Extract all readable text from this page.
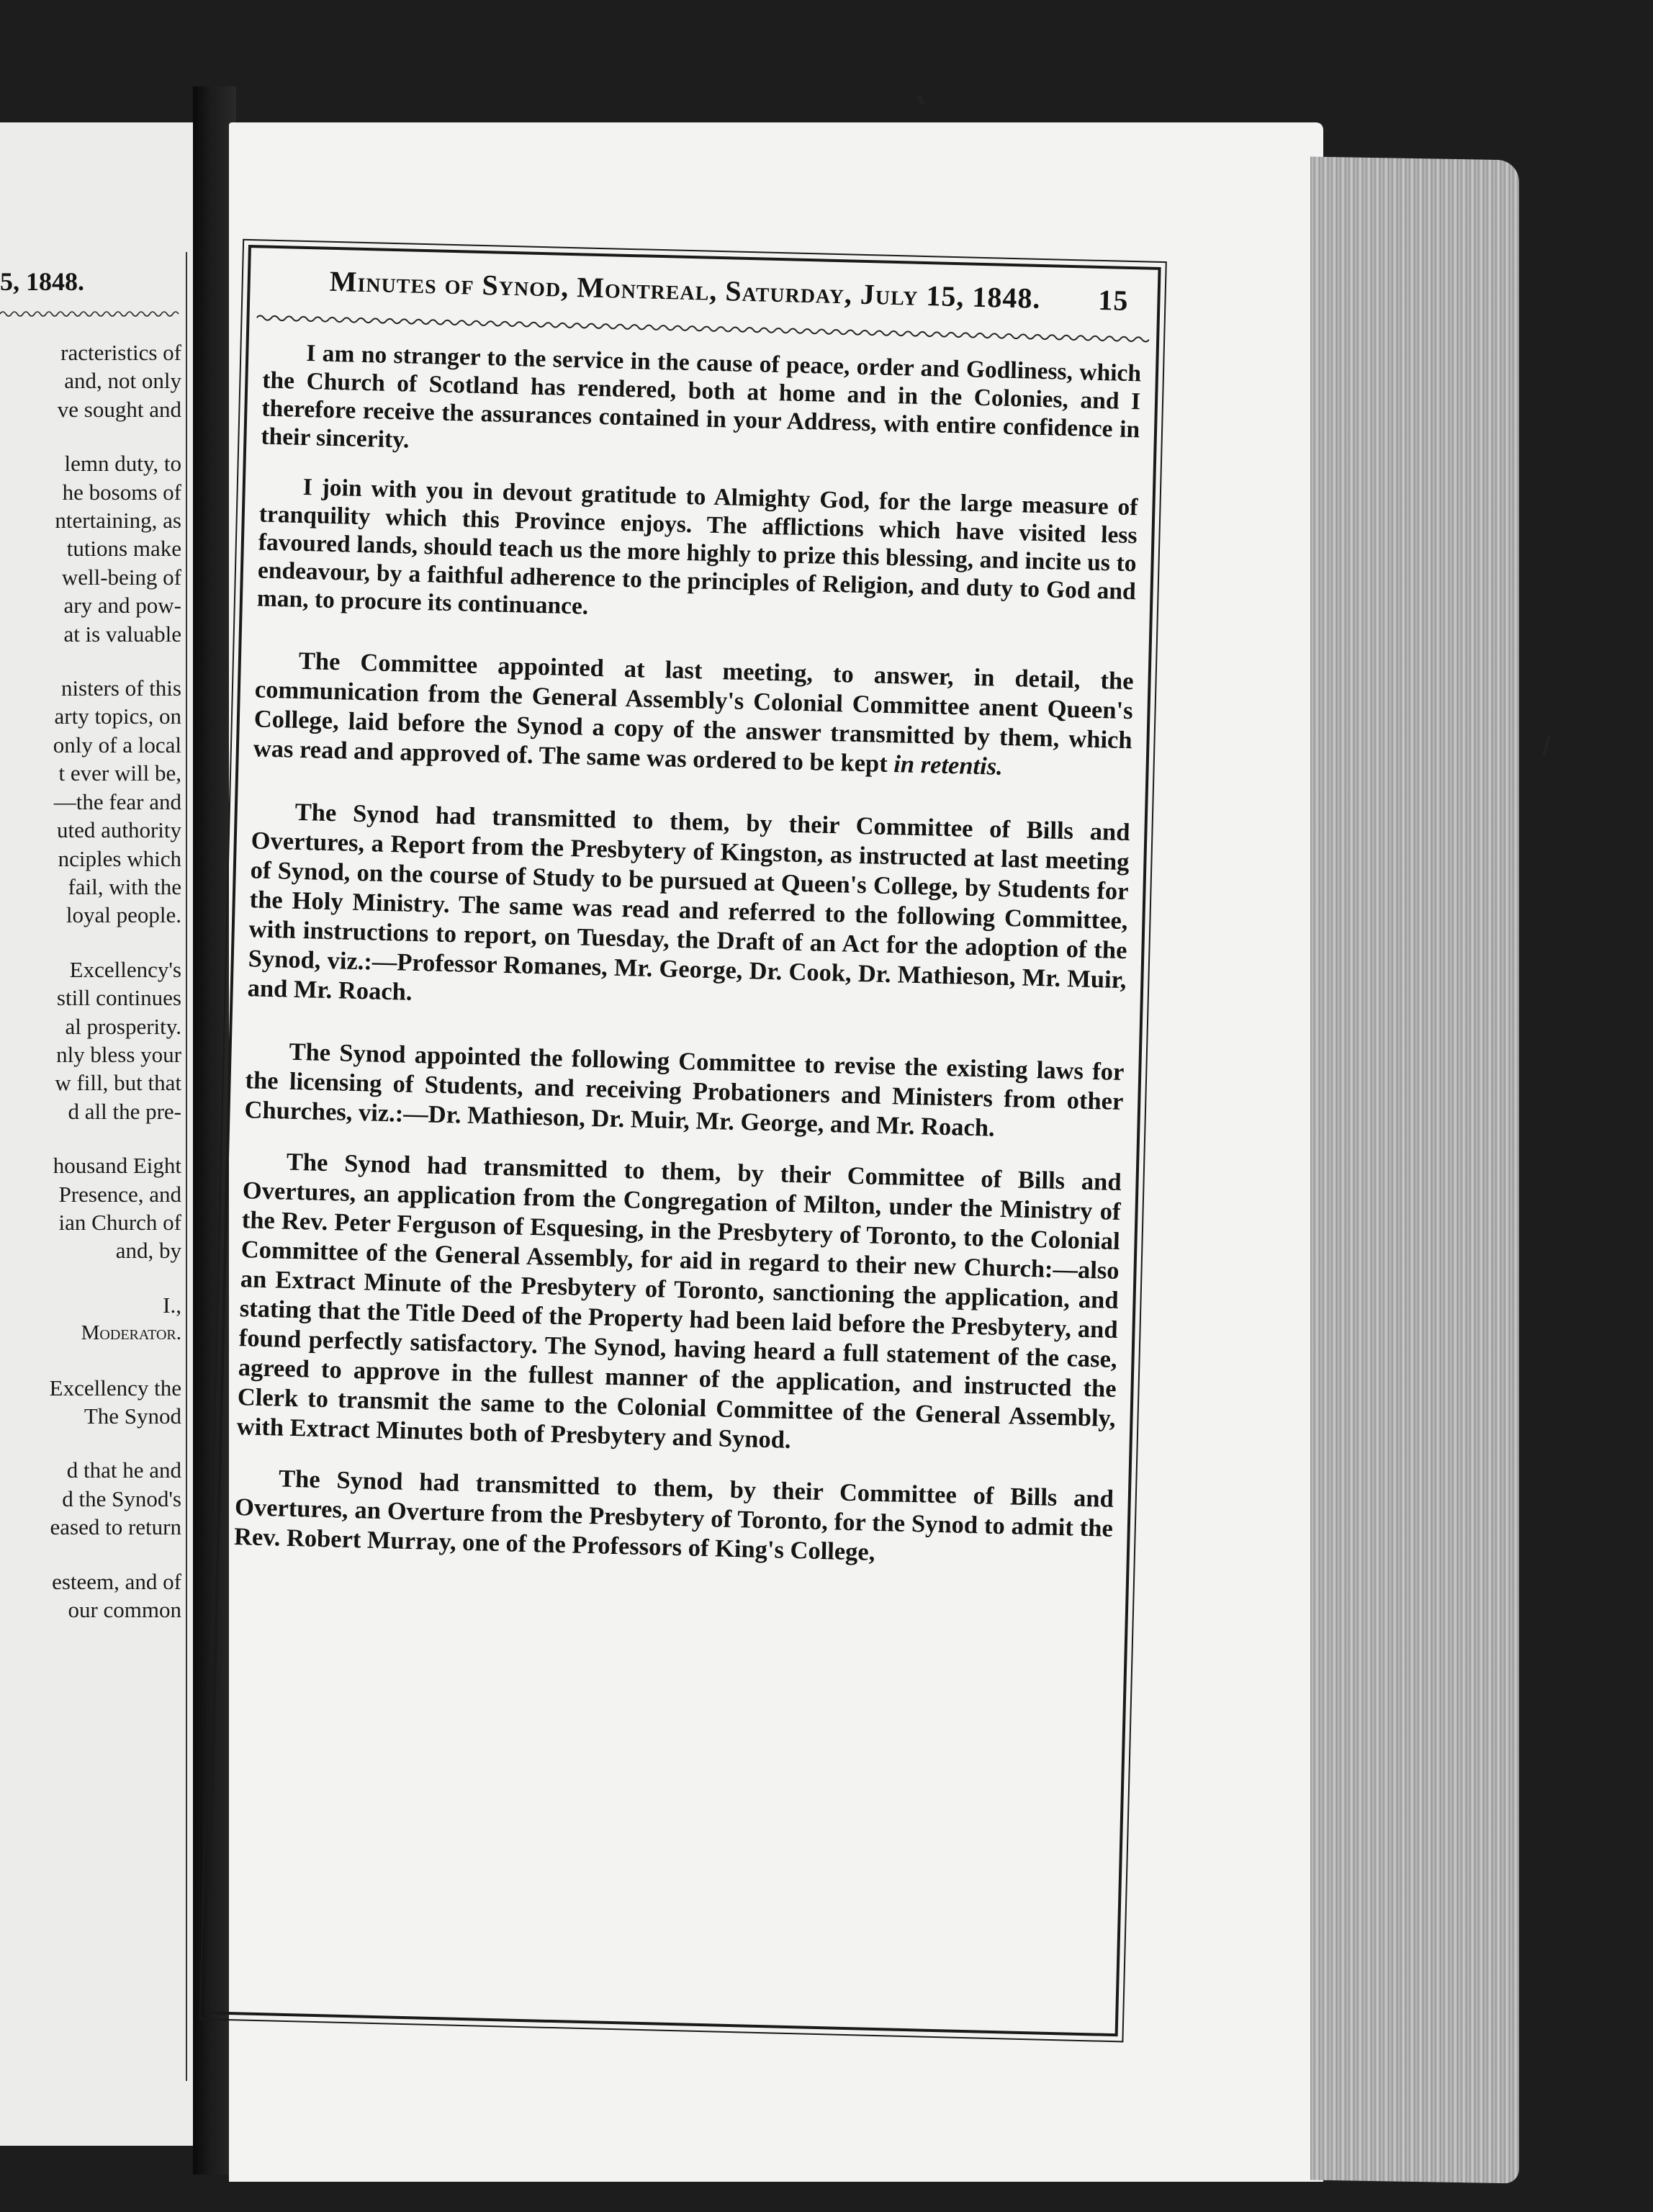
5, 1848.
racteristics of
and, not only
ve sought and
lemn duty, to
he bosoms of
ntertaining, as
tutions make
well-being of
ary and pow-
at is valuable
nisters of this
arty topics, on
only of a local
t ever will be,
—the fear and
uted authority
nciples which
fail, with the
loyal people.
Excellency's
still continues
al prosperity.
nly bless your
w fill, but that
d all the pre-
housand Eight
Presence, and
ian Church of
and, by
I.,
Moderator.
Excellency the
The Synod
d that he and
d the Synod's
eased to return
esteem, and of
our common
Minutes of Synod, Montreal, Saturday, July 15, 1848. 15

I am no stranger to the service in the cause of peace, order and Godliness, which the Church of Scotland has rendered, both at home and in the Colonies, and I therefore receive the assurances contained in your Address, with entire confidence in their sincerity.

I join with you in devout gratitude to Almighty God, for the large measure of tranquility which this Province enjoys. The afflictions which have visited less favoured lands, should teach us the more highly to prize this blessing, and incite us to endeavour, by a faithful adherence to the principles of Religion, and duty to God and man, to procure its continuance.

The Committee appointed at last meeting, to answer, in detail, the communication from the General Assembly's Colonial Committee anent Queen's College, laid before the Synod a copy of the answer transmitted by them, which was read and approved of. The same was ordered to be kept in retentis.

The Synod had transmitted to them, by their Committee of Bills and Overtures, a Report from the Presbytery of Kingston, as instructed at last meeting of Synod, on the course of Study to be pursued at Queen's College, by Students for the Holy Ministry. The same was read and referred to the following Committee, with instructions to report, on Tuesday, the Draft of an Act for the adoption of the Synod, viz.:—Professor Romanes, Mr. George, Dr. Cook, Dr. Mathieson, Mr. Muir, and Mr. Roach.

The Synod appointed the following Committee to revise the existing laws for the licensing of Students, and receiving Probationers and Ministers from other Churches, viz.:—Dr. Mathieson, Dr. Muir, Mr. George, and Mr. Roach.

The Synod had transmitted to them, by their Committee of Bills and Overtures, an application from the Congregation of Milton, under the Ministry of the Rev. Peter Ferguson of Esquesing, in the Presbytery of Toronto, to the Colonial Committee of the General Assembly, for aid in regard to their new Church:—also an Extract Minute of the Presbytery of Toronto, sanctioning the application, and stating that the Title Deed of the Property had been laid before the Presbytery, and found perfectly satisfactory. The Synod, having heard a full statement of the case, agreed to approve in the fullest manner of the application, and instructed the Clerk to transmit the same to the Colonial Committee of the General Assembly, with Extract Minutes both of Presbytery and Synod.

The Synod had transmitted to them, by their Committee of Bills and Overtures, an Overture from the Presbytery of Toronto, for the Synod to admit the Rev. Robert Murray, one of the Professors of King's College,
